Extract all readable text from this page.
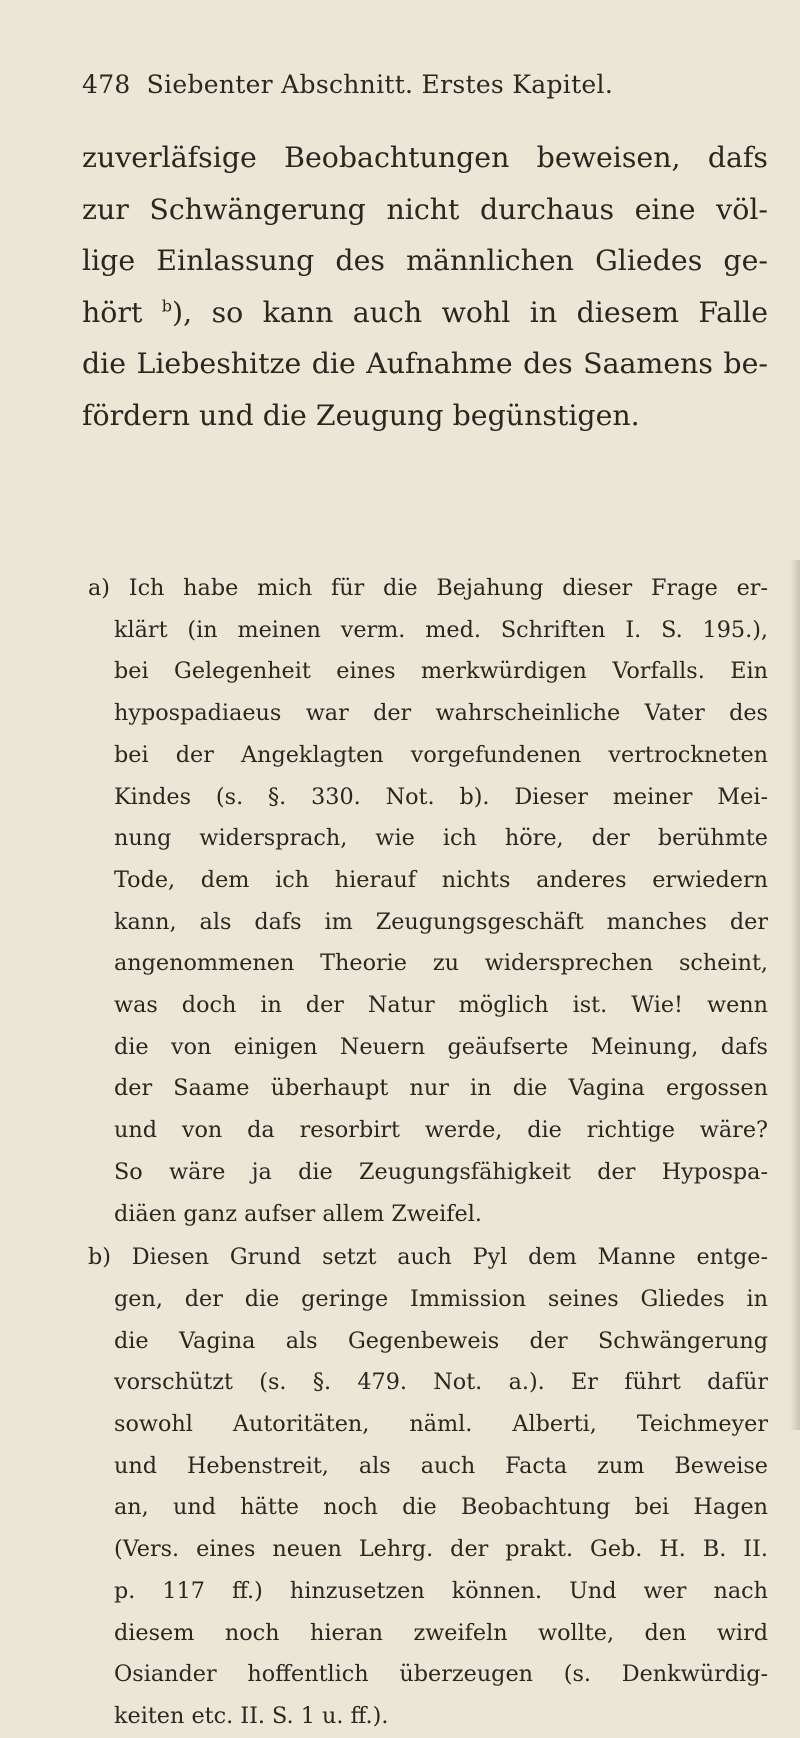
478 Siebenter Abschnitt. Erstes Kapitel.
zuverläfsige Beobachtungen beweisen, dafs
zur Schwängerung nicht durchaus eine völ-
lige Einlassung des männlichen Gliedes ge-
hört $^b$), so kann auch wohl in diesem Falle
die Liebeshitze die Aufnahme des Saamens be-
fördern und die Zeugung begünstigen.
a) Ich habe mich für die Bejahung dieser Frage er-
klärt (in meinen verm. med. Schriften I. S. 195.),
bei Gelegenheit eines merkwürdigen Vorfalls. Ein
hypospadiaeus war der wahrscheinliche Vater des
bei der Angeklagten vorgefundenen vertrockneten
Kindes (s. §. 330. Not. b). Dieser meiner Mei-
nung widersprach, wie ich höre, der berühmte
Tode, dem ich hierauf nichts anderes erwiedern
kann, als dafs im Zeugungsgeschäft manches der
angenommenen Theorie zu widersprechen scheint,
was doch in der Natur möglich ist. Wie! wenn
die von einigen Neuern geäufserte Meinung, dafs
der Saame überhaupt nur in die Vagina ergossen
und von da resorbirt werde, die richtige wäre?
So wäre ja die Zeugungsfähigkeit der Hypospa-
diäen ganz aufser allem Zweifel.
b) Diesen Grund setzt auch Pyl dem Manne entge-
gen, der die geringe Immission seines Gliedes in
die Vagina als Gegenbeweis der Schwängerung
vorschützt (s. §. 479. Not. a.). Er führt dafür
sowohl Autoritäten, näml. Alberti, Teichmeyer
und Hebenstreit, als auch Facta zum Beweise
an, und hätte noch die Beobachtung bei Hagen
(Vers. eines neuen Lehrg. der prakt. Geb. H. B. II.
p. 117 ff.) hinzusetzen können. Und wer nach
diesem noch hieran zweifeln wollte, den wird
Osiander hoffentlich überzeugen (s. Denkwürdig-
keiten etc. II. S. 1 u. ff.).
